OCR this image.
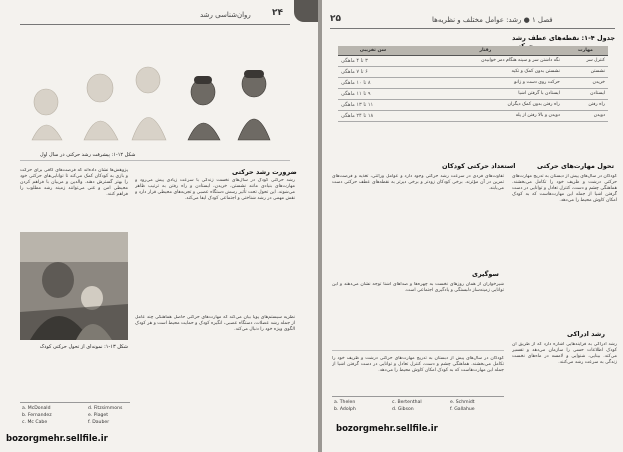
۲۴
روان‌شناسی رشد
شکل ۱۲-۱: پیشرفت رشد حرکتی در سال اول
ضرورت رشد حرکتی
رشد حرکتی کودک در سال‌های نخست زندگی با سرعت زیادی پیش می‌رود و مهارت‌های بنیادی مانند نشستن، خزیدن، ایستادن و راه رفتن به ترتیب ظاهر می‌شوند. این تحول تحت تأثیر رسش دستگاه عصبی و تجربه‌های محیطی قرار دارد و نقش مهمی در رشد شناختی و اجتماعی کودک ایفا می‌کند.
نظریه سیستم‌های پویا بیان می‌کند که مهارت‌های حرکتی حاصل هماهنگی چند عامل از جمله رشد عضلات، دستگاه عصبی، انگیزه کودک و حمایت محیط است و هر کودک الگوی ویژه خود را دنبال می‌کند.
پژوهش‌ها نشان داده‌اند که فرصت‌های کافی برای حرکت و بازی به کودکان کمک می‌کند تا توانایی‌های حرکتی خود را بهتر گسترش دهند. والدین و مربیان با فراهم کردن محیطی امن و غنی می‌توانند زمینه رشد مطلوب را فراهم کنند.
شکل ۱۳-۱: نمونه‌ای از تحول حرکتی کودک
a. McDonald
b. Fernandez
c. Mc Cabe
d. Fitzsimmons
e. Piaget
f. Dauber
bozorgmehr.sellfile.ir
۲۵	فصل ۱ ● رشد: عوامل مختلف و نظریه‌ها
جدول ۴-۱: نقطه‌های عطف رشد
مهارت	رفتار	سن تقریبی
کنترل سر	نگه داشتن سر و سینه هنگام دمر خوابیدن	۳ تا ۴ ماهگی
نشستن	نشستن بدون کمک و تکیه	۶ تا ۷ ماهگی
خزیدن	حرکت روی دست و زانو	۸ تا ۱۰ ماهگی
ایستادن	ایستادن با گرفتن اشیا	۹ تا ۱۱ ماهگی
راه رفتن	راه رفتن بدون کمک دیگران	۱۱ تا ۱۳ ماهگی
دویدن	دویدن و بالا رفتن از پله	۱۸ تا ۲۴ ماهگی
تحول مهارت‌های حرکتی
کودکان در سال‌های پیش از دبستان به تدریج مهارت‌های حرکتی درشت و ظریف خود را تکامل می‌بخشند. هماهنگی چشم و دست، کنترل تعادل و توانایی در دست گرفتن اشیا از جمله این مهارت‌هاست که به کودک امکان کاوش محیط را می‌دهد.
رشد ادراکی
رشد ادراکی به فرایندهایی اشاره دارد که از طریق آن کودک اطلاعات حسی را سازمان می‌دهد و تفسیر می‌کند. بینایی، شنوایی و لامسه در ماه‌های نخست زندگی به سرعت رشد می‌کنند.
استعداد حرکتی کودکان
تفاوت‌های فردی در سرعت رشد حرکتی وجود دارد و عوامل وراثتی، تغذیه و فرصت‌های تمرین در آن مؤثرند. برخی کودکان زودتر و برخی دیرتر به نقطه‌های عطف حرکتی دست می‌یابند.
سوگیری
شیرخواران از همان روزهای نخست به چهره‌ها و صداهای آشنا توجه نشان می‌دهند و این توانایی زمینه‌ساز دلبستگی و یادگیری اجتماعی است.
کودکان در سال‌های پیش از دبستان به تدریج مهارت‌های حرکتی درشت و ظریف خود را تکامل می‌بخشند. هماهنگی چشم و دست، کنترل تعادل و توانایی در دست گرفتن اشیا از جمله این مهارت‌هاست که به کودک امکان کاوش محیط را می‌دهد.
a. Thelen
b. Adolph
c. Bertenthal
d. Gibson
e. Schmidt
f. Gallahue
bozorgmehr.sellfile.ir
